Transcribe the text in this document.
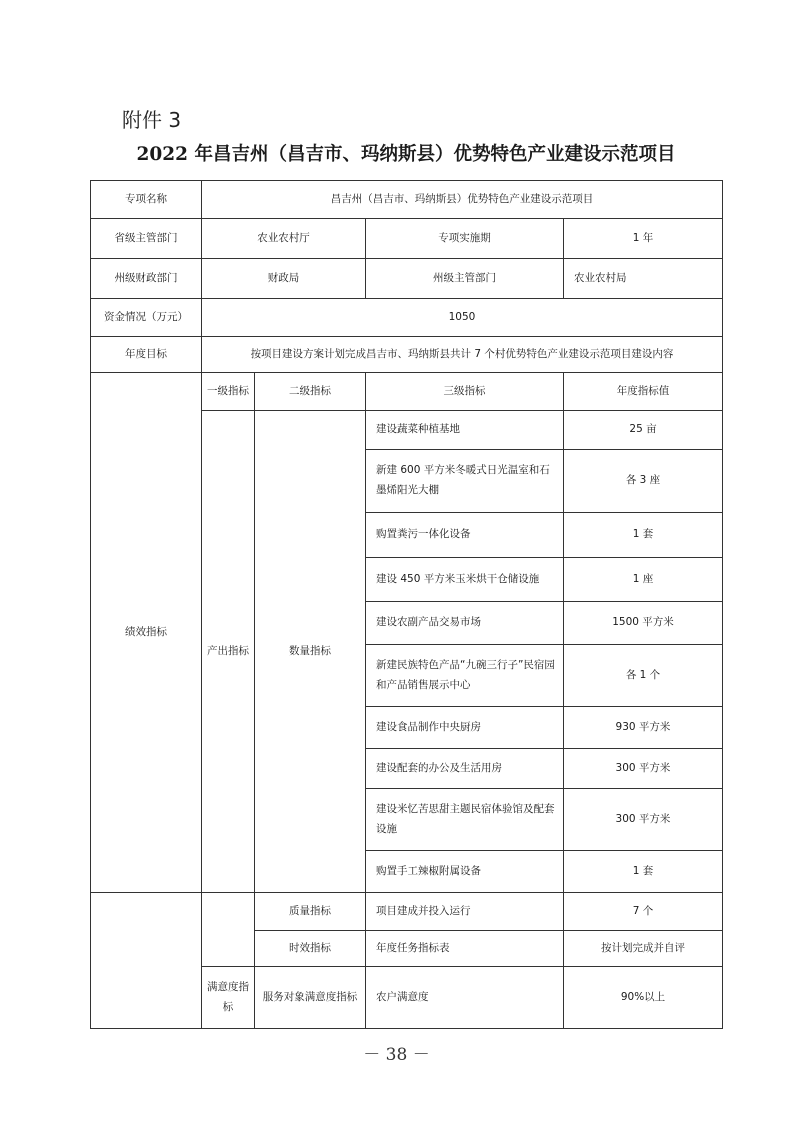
附件 3
2022 年昌吉州（昌吉市、玛纳斯县）优势特色产业建设示范项目
专项名称	昌吉州（昌吉市、玛纳斯县）优势特色产业建设示范项目			
省级主管部门	农业农村厅		专项实施期	1 年
州级财政部门	财政局		州级主管部门	农业农村局
资金情况（万元）	1050			
年度目标	按项目建设方案计划完成昌吉市、玛纳斯县共计 7 个村优势特色产业建设示范项目建设内容			
绩效指标	一级指标	二级指标	三级指标	年度指标值
	产出指标	数量指标	建设蔬菜种植基地	25 亩
			新建 600 平方米冬暖式日光温室和石墨烯阳光大棚	各 3 座
			购置粪污一体化设备	1 套
			建设 450 平方米玉米烘干仓储设施	1 座
			建设农副产品交易市场	1500 平方米
			新建民族特色产品“九碗三行子”民宿园和产品销售展示中心	各 1 个
			建设食品制作中央厨房	930 平方米
			建设配套的办公及生活用房	300 平方米
			建设米忆苦思甜主题民宿体验馆及配套设施	300 平方米
			购置手工辣椒附属设备	1 套
		质量指标	项目建成并投入运行	7 个
		时效指标	年度任务指标表	按计划完成并自评
	满意度指标	服务对象满意度指标	农户满意度	90%以上
－ 38 －
